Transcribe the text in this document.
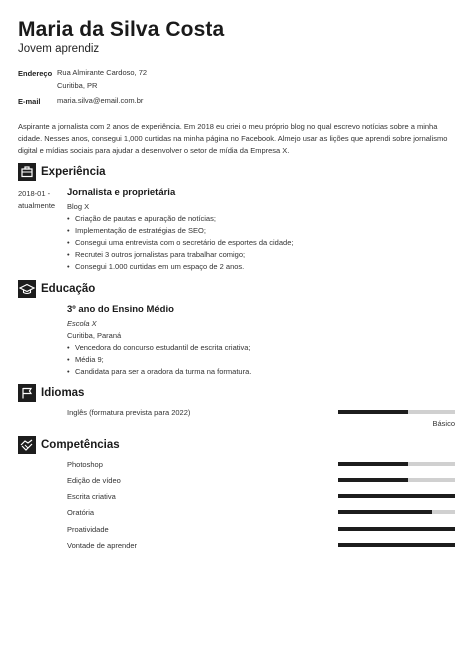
Maria da Silva Costa
Jovem aprendiz
Endereço Rua Almirante Cardoso, 72
Curitiba, PR
E-mail maria.silva@email.com.br
Aspirante a jornalista com 2 anos de experiência. Em 2018 eu criei o meu próprio blog no qual escrevo notícias sobre a minha cidade. Nesses anos, consegui 1,000 curtidas na minha página no Facebook. Almejo usar as lições que aprendi sobre jornalismo digital e mídias sociais para ajudar a desenvolver o setor de mídia da Empresa X.
Experiência
2018-01 -
atualmente
Jornalista e proprietária
Blog X
• Criação de pautas e apuração de notícias;
• Implementação de estratégias de SEO;
• Consegui uma entrevista com o secretário de esportes da cidade;
• Recrutei 3 outros jornalistas para trabalhar comigo;
• Consegui 1.000 curtidas em um espaço de 2 anos.
Educação
3º ano do Ensino Médio
Escola X
Curitiba, Paraná
• Vencedora do concurso estudantil de escrita criativa;
• Média 9;
• Candidata para ser a oradora da turma na formatura.
Idiomas
Inglês (formatura prevista para 2022)
Básico
Competências
Photoshop
Edição de vídeo
Escrita criativa
Oratória
Proatividade
Vontade de aprender
